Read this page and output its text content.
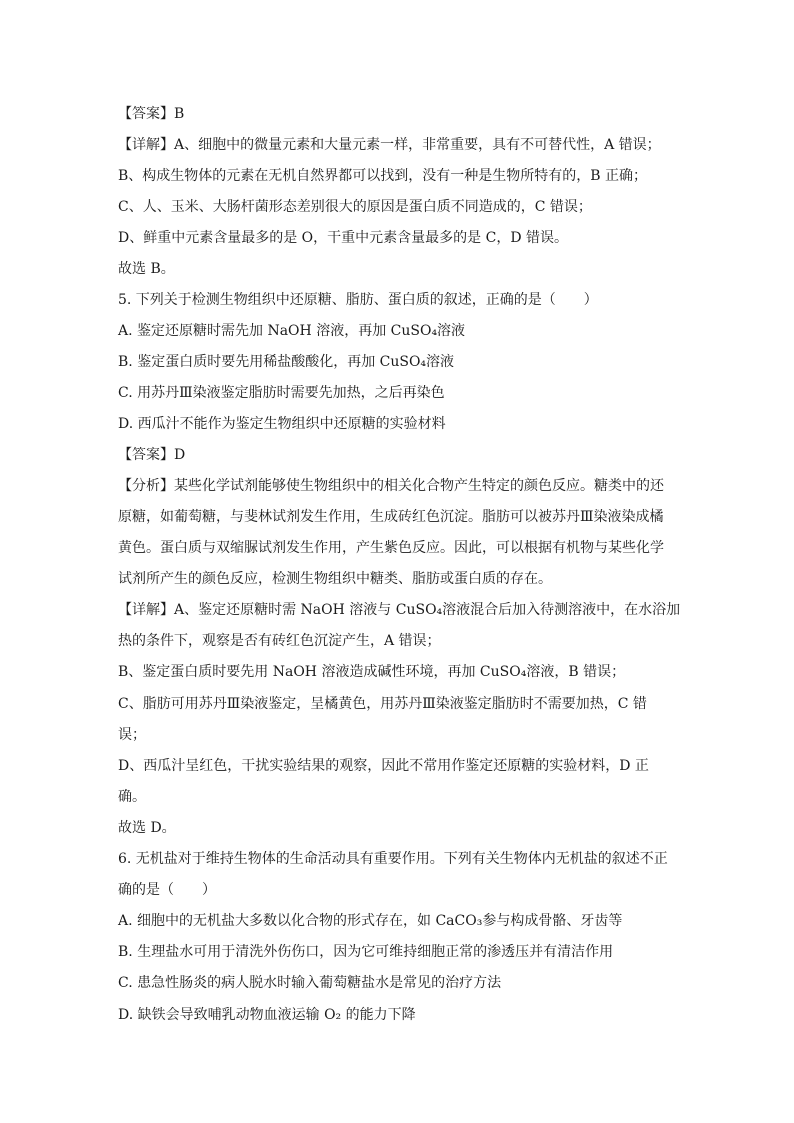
【答案】B
【详解】A、细胞中的微量元素和大量元素一样，非常重要，具有不可替代性，A 错误；
B、构成生物体的元素在无机自然界都可以找到，没有一种是生物所特有的，B 正确；
C、人、玉米、大肠杆菌形态差别很大的原因是蛋白质不同造成的，C 错误；
D、鲜重中元素含量最多的是 O，干重中元素含量最多的是 C，D 错误。
故选 B。
5. 下列关于检测生物组织中还原糖、脂肪、蛋白质的叙述，正确的是（　　）
A. 鉴定还原糖时需先加 NaOH 溶液，再加 CuSO₄溶液
B. 鉴定蛋白质时要先用稀盐酸酸化，再加 CuSO₄溶液
C. 用苏丹Ⅲ染液鉴定脂肪时需要先加热，之后再染色
D. 西瓜汁不能作为鉴定生物组织中还原糖的实验材料
【答案】D
【分析】某些化学试剂能够使生物组织中的相关化合物产生特定的颜色反应。糖类中的还
原糖，如葡萄糖，与斐林试剂发生作用，生成砖红色沉淀。脂肪可以被苏丹Ⅲ染液染成橘
黄色。蛋白质与双缩脲试剂发生作用，产生紫色反应。因此，可以根据有机物与某些化学
试剂所产生的颜色反应，检测生物组织中糖类、脂肪或蛋白质的存在。
【详解】A、鉴定还原糖时需 NaOH 溶液与 CuSO₄溶液混合后加入待测溶液中，在水浴加
热的条件下，观察是否有砖红色沉淀产生，A 错误；
B、鉴定蛋白质时要先用 NaOH 溶液造成碱性环境，再加 CuSO₄溶液，B 错误；
C、脂肪可用苏丹Ⅲ染液鉴定，呈橘黄色，用苏丹Ⅲ染液鉴定脂肪时不需要加热，C 错
误；
D、西瓜汁呈红色，干扰实验结果的观察，因此不常用作鉴定还原糖的实验材料，D 正
确。
故选 D。
6. 无机盐对于维持生物体的生命活动具有重要作用。下列有关生物体内无机盐的叙述不正
确的是（　　）
A. 细胞中的无机盐大多数以化合物的形式存在，如 CaCO₃参与构成骨骼、牙齿等
B. 生理盐水可用于清洗外伤伤口，因为它可维持细胞正常的渗透压并有清洁作用
C. 患急性肠炎的病人脱水时输入葡萄糖盐水是常见的治疗方法
D. 缺铁会导致哺乳动物血液运输 O₂ 的能力下降
